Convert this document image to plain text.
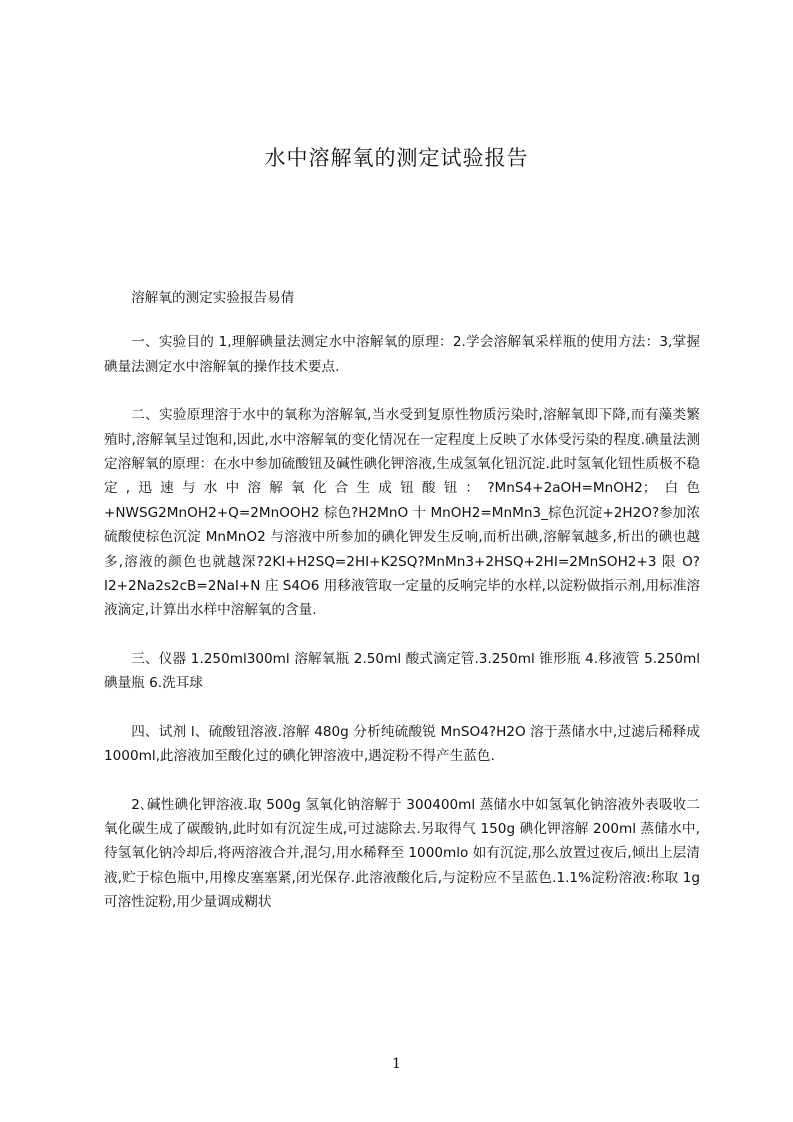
水中溶解氧的测定试验报告

溶解氧的测定实验报告易倩

一、实验目的 1,理解碘量法测定水中溶解氧的原理：2.学会溶解氧采样瓶的使用方法：3,掌握碘量法测定水中溶解氧的操作技术要点.

二、实验原理溶于水中的氧称为溶解氧,当水受到复原性物质污染时,溶解氧即下降,而有藻类繁殖时,溶解氧呈过饱和,因此,水中溶解氧的变化情况在一定程度上反映了水体受污染的程度.碘量法测定溶解氧的原理：在水中参加硫酸钮及碱性碘化钾溶液,生成氢氧化钮沉淀.此时氢氧化钮性质极不稳定,迅速与水中溶解氧化合生成钮酸钮：?MnS4+2aOH=MnOH2；白色+NWSG2MnOH2+Q=2MnOOH2 棕色?H2MnO 十 MnOH2=MnMn3_棕色沉淀+2H2O?参加浓硫酸使棕色沉淀 MnMnO2 与溶液中所参加的碘化钾发生反响,而析出碘,溶解氧越多,析出的碘也越多,溶液的颜色也就越深?2KI+H2SQ=2HI+K2SQ?MnMn3+2HSQ+2HI=2MnSOH2+3 限 O?I2+2Na2s2cB=2NaI+N 庄 S4O6 用移液管取一定量的反响完毕的水样,以淀粉做指示剂,用标准溶液滴定,计算出水样中溶解氧的含量.

三、仪器 1.250ml300ml 溶解氧瓶 2.50ml 酸式滴定管.3.250ml 锥形瓶 4.移液管 5.250ml 碘量瓶 6.洗耳球

四、试剂 l、硫酸钮溶液.溶解 480g 分析纯硫酸锐 MnSO4?H2O 溶于蒸储水中,过滤后稀释成 1000ml,此溶液加至酸化过的碘化钾溶液中,遇淀粉不得产生蓝色.

2､碱性碘化钾溶液.取 500g 氢氧化钠溶解于 300400ml 蒸储水中如氢氧化钠溶液外表吸收二氧化碳生成了碳酸钠,此时如有沉淀生成,可过滤除去.另取得气 150g 碘化钾溶解 200ml 蒸储水中,待氢氧化钠冷却后,将两溶液合并,混匀,用水稀释至 1000mlo 如有沉淀,那么放置过夜后,倾出上层清液,贮于棕色瓶中,用橡皮塞塞紧,闭光保存.此溶液酸化后,与淀粉应不呈蓝色.1.1%淀粉溶液:称取 1g 可溶性淀粉,用少量调成糊状

1
